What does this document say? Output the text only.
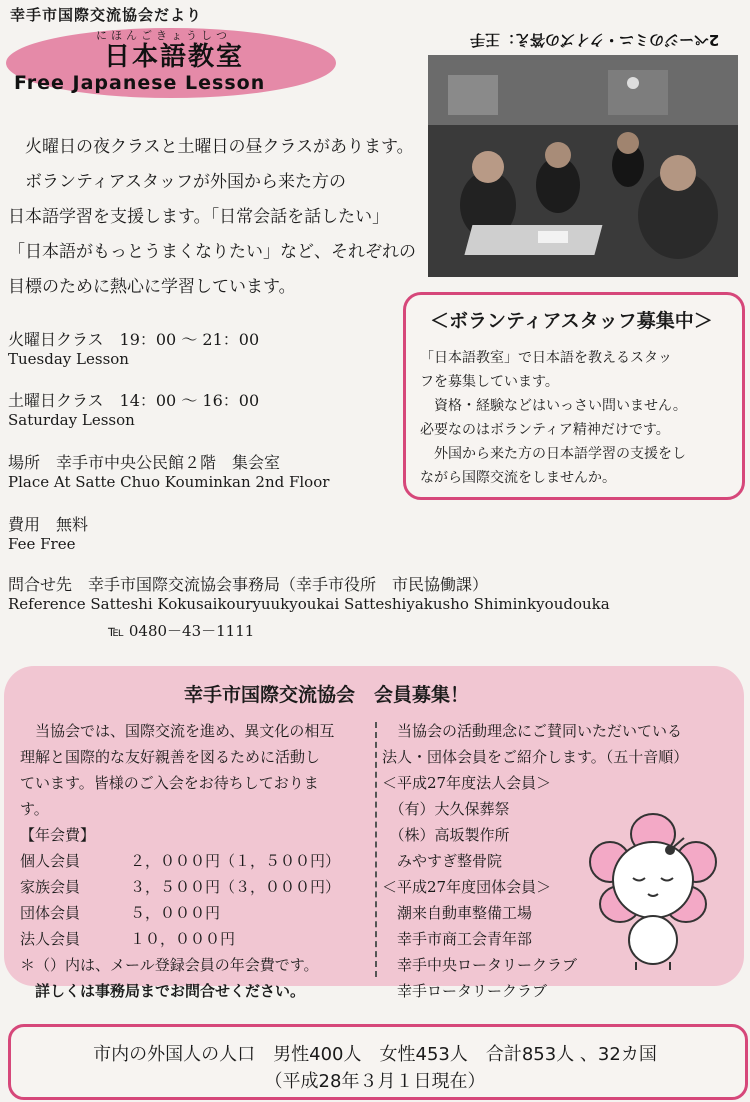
幸手市国際交流協会だより
2ページのミニ・クイズの答え：王手
にほんごきょうしつ
日本語教室
Free Japanese Lesson
　火曜日の夜クラスと土曜日の昼クラスがあります。
　ボランティアスタッフが外国から来た方の
日本語学習を支援します。「日常会話を話したい」
「日本語がもっとうまくなりたい」など、それぞれの
目標のために熱心に学習しています。
火曜日クラス　19：00 ～ 21：00
Tuesday Lesson
土曜日クラス　14：00 ～ 16：00
Saturday Lesson
場所　幸手市中央公民館２階　集会室
Place At Satte Chuo Kouminkan 2nd Floor
費用　無料
Fee Free
問合せ先　幸手市国際交流協会事務局（幸手市役所　市民協働課）
Reference Satteshi Kokusaikouryuukyoukai Satteshiyakusho Shiminkyoudouka
℡ 0480－43－1111
＜ボランティアスタッフ募集中＞
「日本語教室」で日本語を教えるスタッ
フを募集しています。
　資格・経験などはいっさい問いません。
必要なのはボランティア精神だけです。
　外国から来た方の日本語学習の支援をし
ながら国際交流をしませんか。
幸手市国際交流協会　会員募集！
　当協会では、国際交流を進め、異文化の相互
理解と国際的な友好親善を図るために活動し
ています。皆様のご入会をお待ちしておりま
す。
【年会費】
個人会員	２，０００円（１，５００円）
家族会員	３，５００円（３，０００円）
団体会員	５，０００円
法人会員	１０，０００円
＊（）内は、メール登録会員の年会費です。
　詳しくは事務局までお問合せください。
　当協会の活動理念にご賛同いただいている
法人・団体会員をご紹介します。（五十音順）
＜平成27年度法人会員＞
　（有）大久保葬祭
　（株）高坂製作所
　みやすぎ整骨院
＜平成27年度団体会員＞
　潮来自動車整備工場
　幸手市商工会青年部
　幸手中央ロータリークラブ
　幸手ロータリークラブ
市内の外国人の人口　男性400人　女性453人　合計853人 、32カ国
（平成28年３月１日現在）
